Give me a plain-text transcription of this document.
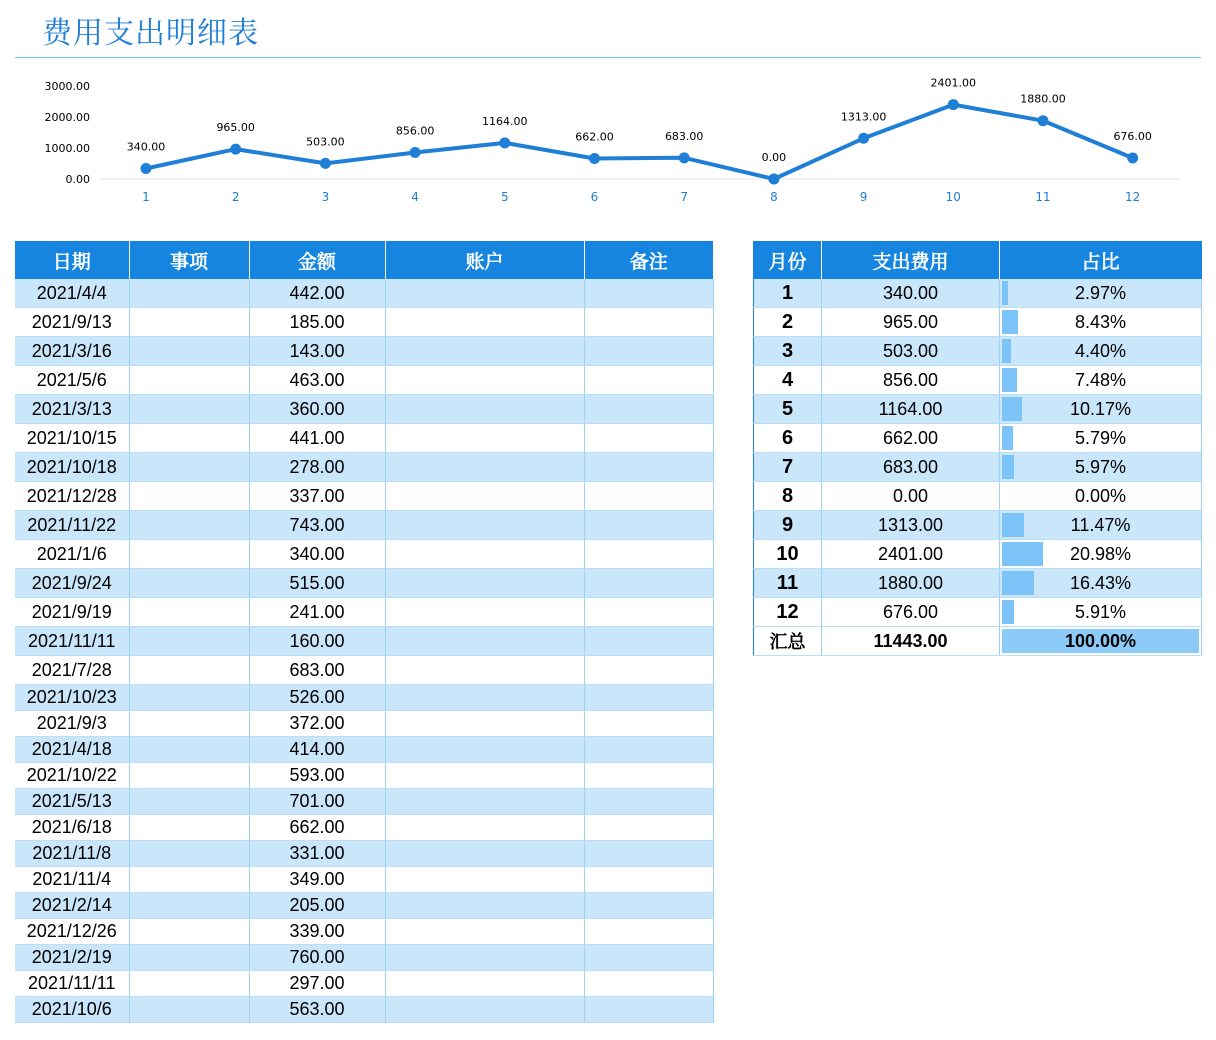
费用支出明细表
0.00
1000.00
2000.00
3000.00
340.00
1
965.00
2
503.00
3
856.00
4
1164.00
5
662.00
6
683.00
7
0.00
8
1313.00
9
2401.00
10
1880.00
11
676.00
12
日期	事项	金额	账户	备注
2021/4/4		442.00		
2021/9/13		185.00		
2021/3/16		143.00		
2021/5/6		463.00		
2021/3/13		360.00		
2021/10/15		441.00		
2021/10/18		278.00		
2021/12/28		337.00		
2021/11/22		743.00		
2021/1/6		340.00		
2021/9/24		515.00		
2021/9/19		241.00		
2021/11/11		160.00		
2021/7/28		683.00		
2021/10/23		526.00		
2021/9/3		372.00		
2021/4/18		414.00		
2021/10/22		593.00		
2021/5/13		701.00		
2021/6/18		662.00		
2021/11/8		331.00		
2021/11/4		349.00		
2021/2/14		205.00		
2021/12/26		339.00		
2021/2/19		760.00		
2021/11/11		297.00		
2021/10/6		563.00		
月份	支出费用	占比
1	340.00	2.97%
2	965.00	8.43%
3	503.00	4.40%
4	856.00	7.48%
5	1164.00	10.17%
6	662.00	5.79%
7	683.00	5.97%
8	0.00	0.00%
9	1313.00	11.47%
10	2401.00	20.98%
11	1880.00	16.43%
12	676.00	5.91%
汇总	11443.00	100.00%
